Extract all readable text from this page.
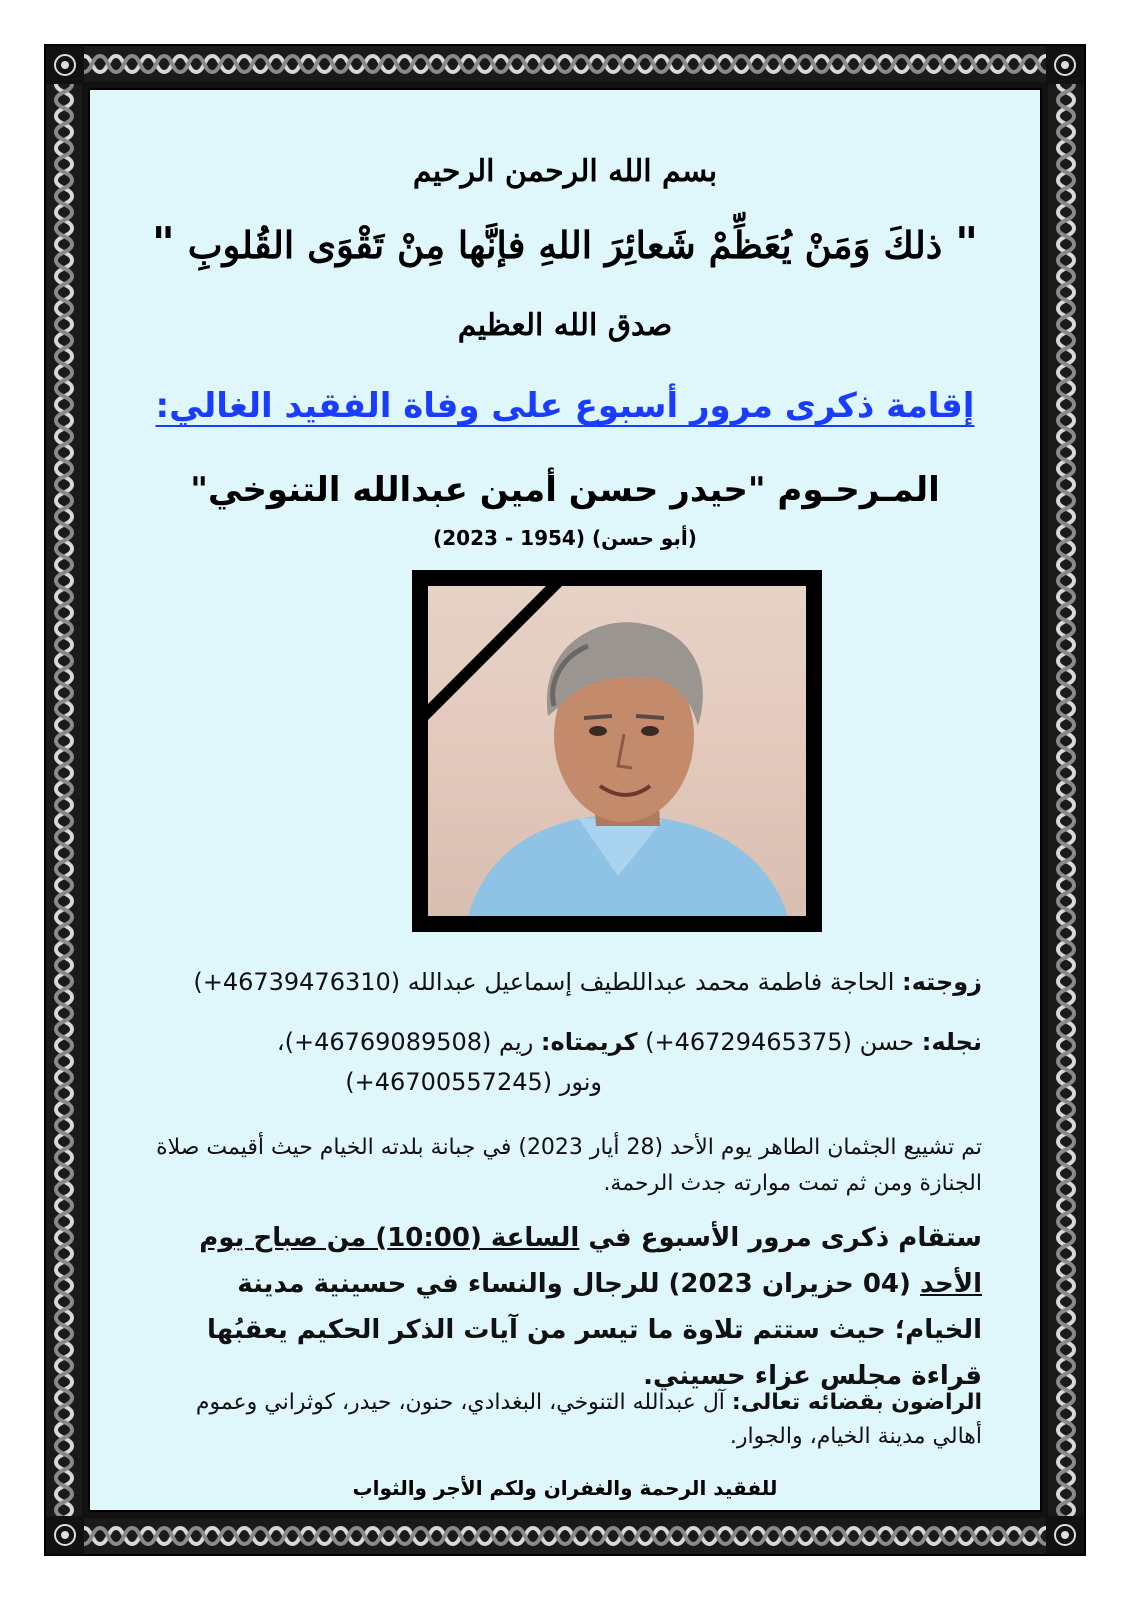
بسم الله الرحمن الرحيم
" ذلكَ وَمَنْ يُعَظِّمْ شَعائِرَ اللهِ فإنَّها مِنْ تَقْوَى القُلوبِ "
صدق الله العظيم
إقامة ذكرى مرور أسبوع على وفاة الفقيد الغالي:
المـرحـوم "حيدر حسن أمين عبدالله التنوخي"
(أبو حسن) (1954 - 2023)
زوجته: الحاجة فاطمة محمد عبداللطيف إسماعيل عبدالله (46739476310+)
نجله: حسن (46729465375+) كريمتاه: ريم (46769089508+)،
ونور (46700557245+)
تم تشييع الجثمان الطاهر يوم الأحد (28 أيار 2023) في جبانة بلدته الخيام حيث أقيمت صلاة الجنازة ومن ثم تمت موارته جدث الرحمة.
ستقام ذكرى مرور الأسبوع في الساعة (10:00) من صباح يوم الأحد (04 حزيران 2023) للرجال والنساء في حسينية مدينة الخيام؛ حيث ستتم تلاوة ما تيسر من آيات الذكر الحكيم يعقبُها قراءة مجلس عزاء حسيني.
الراضون بقضائه تعالى: آل عبدالله التنوخي، البغدادي، حنون، حيدر، كوثراني وعموم أهالي مدينة الخيام، والجوار.
للفقيد الرحمة والغفران ولكم الأجر والثواب
